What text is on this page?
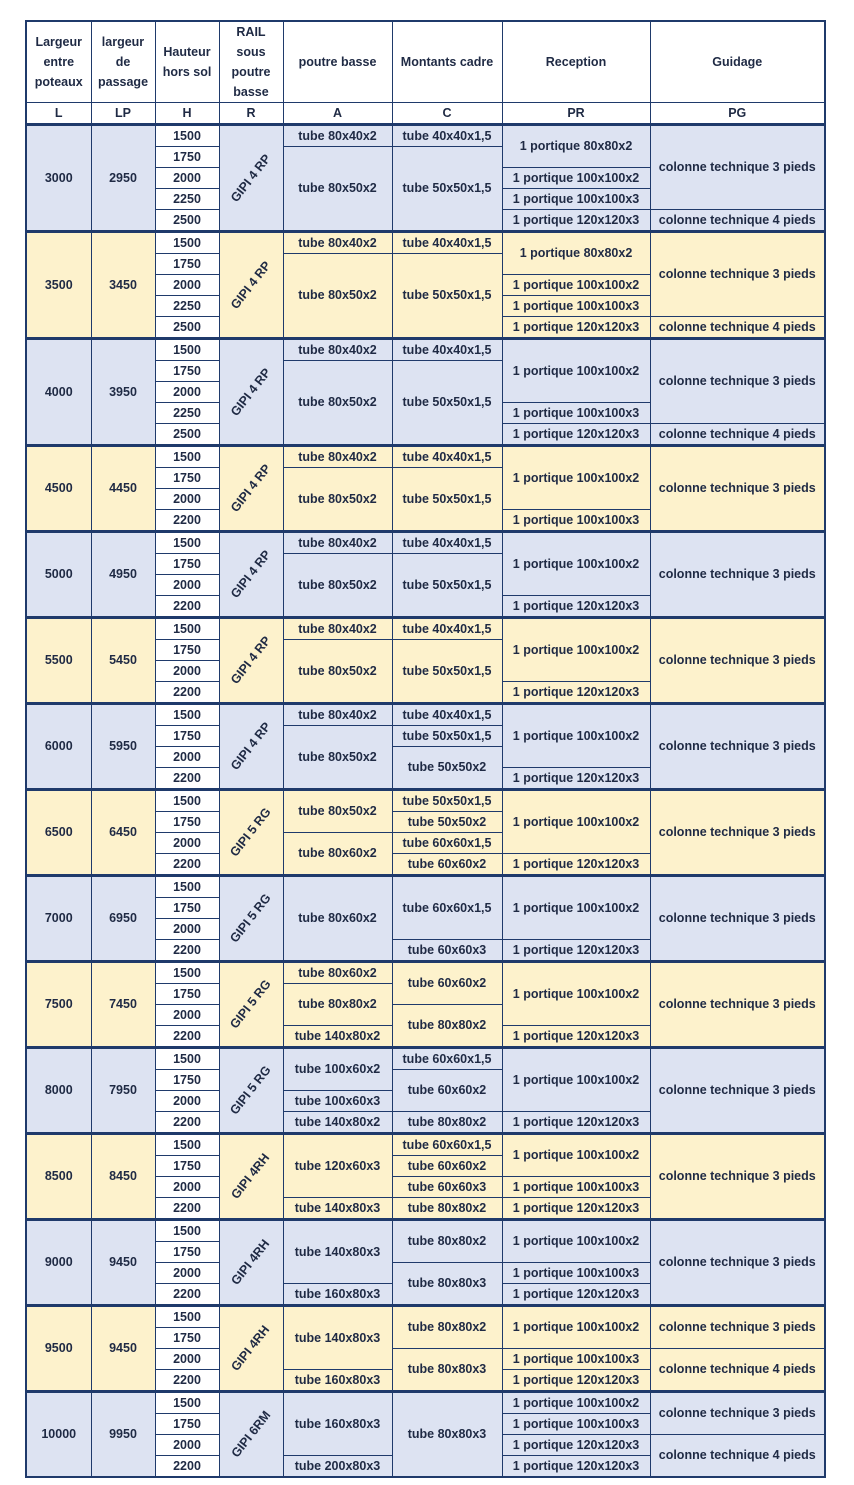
Largeur entre poteaux	largeur de passage	Hauteur hors sol	RAIL sous poutre basse	poutre basse	Montants cadre	Reception	Guidage
L	LP	H	R	A	C	PR	PG
3000	2950	1500	GIPI 4 RP	tube 80x40x2	tube 40x40x1,5	1 portique 80x80x2	colonne technique 3 pieds
		1750		tube 80x50x2	tube 50x50x1,5		
		2000				1 portique 100x100x2	
		2250				1 portique 100x100x3	
		2500				1 portique 120x120x3	colonne technique 4 pieds
3500	3450	1500	GIPI 4 RP	tube 80x40x2	tube 40x40x1,5	1 portique 80x80x2	colonne technique 3 pieds
		1750		tube 80x50x2	tube 50x50x1,5		
		2000				1 portique 100x100x2	
		2250				1 portique 100x100x3	
		2500				1 portique 120x120x3	colonne technique 4 pieds
4000	3950	1500	GIPI 4 RP	tube 80x40x2	tube 40x40x1,5	1 portique 100x100x2	colonne technique 3 pieds
		1750		tube 80x50x2	tube 50x50x1,5		
		2000					
		2250				1 portique 100x100x3	
		2500				1 portique 120x120x3	colonne technique 4 pieds
4500	4450	1500	GIPI 4 RP	tube 80x40x2	tube 40x40x1,5	1 portique 100x100x2	colonne technique 3 pieds
		1750		tube 80x50x2	tube 50x50x1,5		
		2000					
		2200				1 portique 100x100x3	
5000	4950	1500	GIPI 4 RP	tube 80x40x2	tube 40x40x1,5	1 portique 100x100x2	colonne technique 3 pieds
		1750		tube 80x50x2	tube 50x50x1,5		
		2000					
		2200				1 portique 120x120x3	
5500	5450	1500	GIPI 4 RP	tube 80x40x2	tube 40x40x1,5	1 portique 100x100x2	colonne technique 3 pieds
		1750		tube 80x50x2	tube 50x50x1,5		
		2000					
		2200				1 portique 120x120x3	
6000	5950	1500	GIPI 4 RP	tube 80x40x2	tube 40x40x1,5	1 portique 100x100x2	colonne technique 3 pieds
		1750		tube 80x50x2	tube 50x50x1,5		
		2000			tube 50x50x2		
		2200				1 portique 120x120x3	
6500	6450	1500	GIPI 5 RG	tube 80x50x2	tube 50x50x1,5	1 portique 100x100x2	colonne technique 3 pieds
		1750			tube 50x50x2		
		2000		tube 80x60x2	tube 60x60x1,5		
		2200			tube 60x60x2	1 portique 120x120x3	
7000	6950	1500	GIPI 5 RG	tube 80x60x2	tube 60x60x1,5	1 portique 100x100x2	colonne technique 3 pieds
		1750					
		2000					
		2200			tube 60x60x3	1 portique 120x120x3	
7500	7450	1500	GIPI 5 RG	tube 80x60x2	tube 60x60x2	1 portique 100x100x2	colonne technique 3 pieds
		1750		tube 80x80x2			
		2000			tube 80x80x2		
		2200		tube 140x80x2		1 portique 120x120x3	
8000	7950	1500	GIPI 5 RG	tube 100x60x2	tube 60x60x1,5	1 portique 100x100x2	colonne technique 3 pieds
		1750			tube 60x60x2		
		2000		tube 100x60x3			
		2200		tube 140x80x2	tube 80x80x2	1 portique 120x120x3	
8500	8450	1500	GIPI 4RH	tube 120x60x3	tube 60x60x1,5	1 portique 100x100x2	colonne technique 3 pieds
		1750			tube 60x60x2		
		2000			tube 60x60x3	1 portique 100x100x3	
		2200		tube 140x80x3	tube 80x80x2	1 portique 120x120x3	
9000	9450	1500	GIPI 4RH	tube 140x80x3	tube 80x80x2	1 portique 100x100x2	colonne technique 3 pieds
		1750					
		2000			tube 80x80x3	1 portique 100x100x3	
		2200		tube 160x80x3		1 portique 120x120x3	
9500	9450	1500	GIPI 4RH	tube 140x80x3	tube 80x80x2	1 portique 100x100x2	colonne technique 3 pieds
		1750					
		2000			tube 80x80x3	1 portique 100x100x3	colonne technique 4 pieds
		2200		tube 160x80x3		1 portique 120x120x3	
10000	9950	1500	GIPI 6RM	tube 160x80x3	tube 80x80x3	1 portique 100x100x2	colonne technique 3 pieds
		1750				1 portique 100x100x3	
		2000				1 portique 120x120x3	colonne technique 4 pieds
		2200		tube 200x80x3		1 portique 120x120x3	
